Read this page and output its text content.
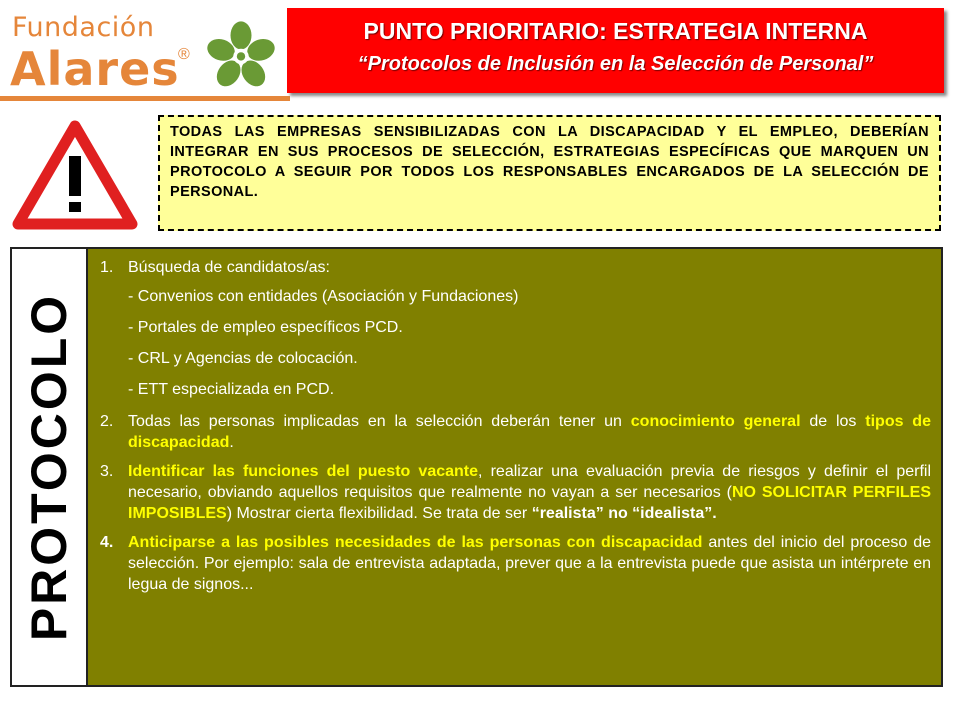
Fundación
Alares
®
PUNTO PRIORITARIO: ESTRATEGIA INTERNA
“Protocolos de Inclusión en la Selección de Personal”
TODAS LAS EMPRESAS SENSIBILIZADAS CON LA DISCAPACIDAD Y EL EMPLEO, DEBERÍAN INTEGRAR EN SUS PROCESOS DE SELECCIÓN, ESTRATEGIAS ESPECÍFICAS QUE MARQUEN UN PROTOCOLO A SEGUIR POR TODOS LOS RESPONSABLES ENCARGADOS DE LA SELECCIÓN DE PERSONAL.
PROTOCOLO
1. Búsqueda de candidatos/as:
- Convenios con entidades (Asociación y Fundaciones)
- Portales de empleo específicos PCD.
- CRL y Agencias de colocación.
- ETT especializada en PCD.
2. Todas las personas implicadas en la selección deberán tener un conocimiento general de los tipos de discapacidad.
3. Identificar las funciones del puesto vacante, realizar una evaluación previa de riesgos y definir el perfil necesario, obviando aquellos requisitos que realmente no vayan a ser necesarios (NO SOLICITAR PERFILES IMPOSIBLES) Mostrar cierta flexibilidad. Se trata de ser “realista” no “idealista”.
4. Anticiparse a las posibles necesidades de las personas con discapacidad antes del inicio del proceso de selección. Por ejemplo: sala de entrevista adaptada, prever que a la entrevista puede que asista un intérprete en legua de signos...
